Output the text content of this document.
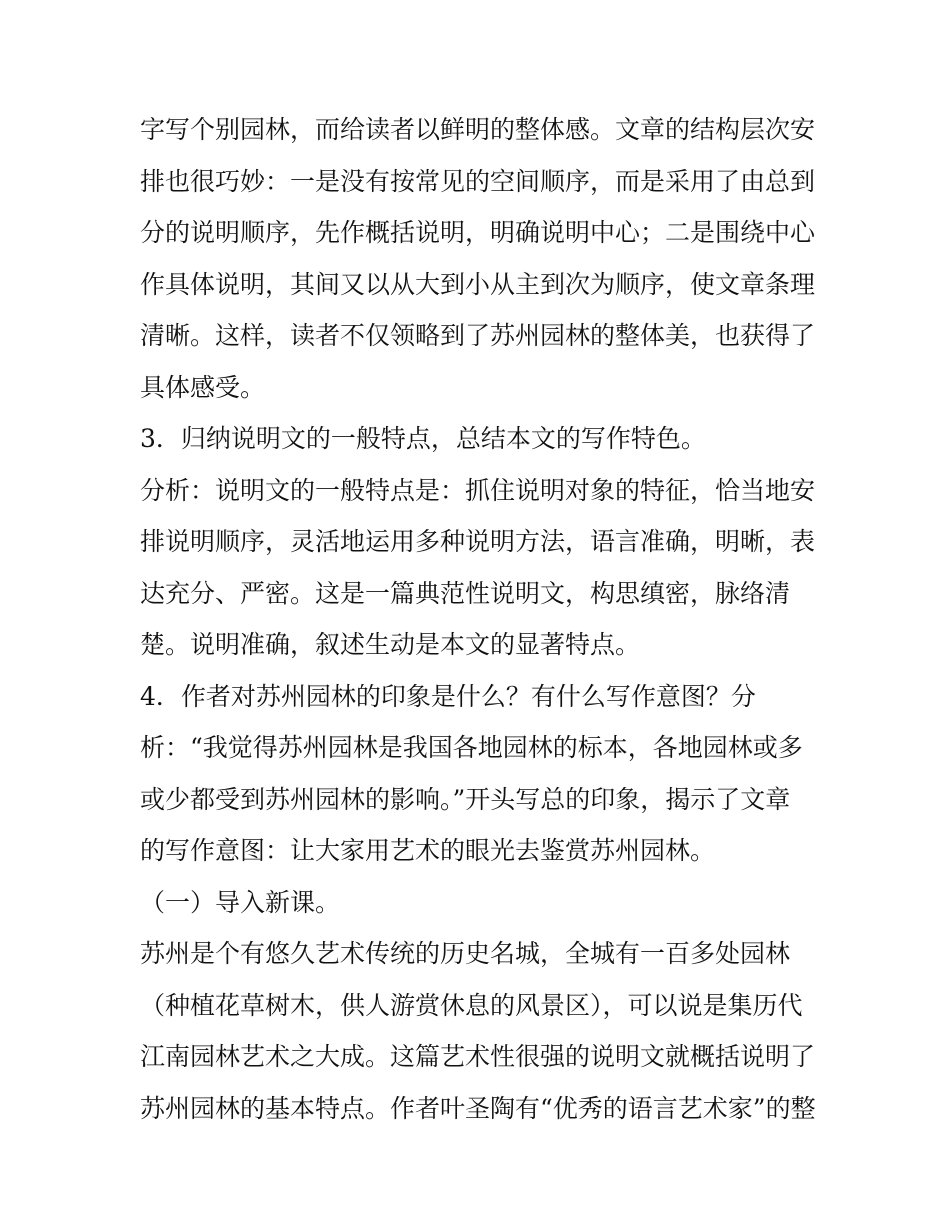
字写个别园林，而给读者以鲜明的整体感。文章的结构层次安
排也很巧妙：一是没有按常见的空间顺序，而是采用了由总到
分的说明顺序，先作概括说明，明确说明中心；二是围绕中心
作具体说明，其间又以从大到小从主到次为顺序，使文章条理
清晰。这样，读者不仅领略到了苏州园林的整体美，也获得了
具体感受。
3．归纳说明文的一般特点，总结本文的写作特色。
分析：说明文的一般特点是：抓住说明对象的特征，恰当地安
排说明顺序，灵活地运用多种说明方法，语言准确，明晰，表
达充分、严密。这是一篇典范性说明文，构思缜密，脉络清
楚。说明准确，叙述生动是本文的显著特点。
4．作者对苏州园林的印象是什么？有什么写作意图？分
析：“我觉得苏州园林是我国各地园林的标本，各地园林或多
或少都受到苏州园林的影响。”开头写总的印象，揭示了文章
的写作意图：让大家用艺术的眼光去鉴赏苏州园林。
（一）导入新课。
苏州是个有悠久艺术传统的历史名城，全城有一百多处园林
（种植花草树木，供人游赏休息的风景区），可以说是集历代
江南园林艺术之大成。这篇艺术性很强的说明文就概括说明了
苏州园林的基本特点。作者叶圣陶有“优秀的语言艺术家”的整
